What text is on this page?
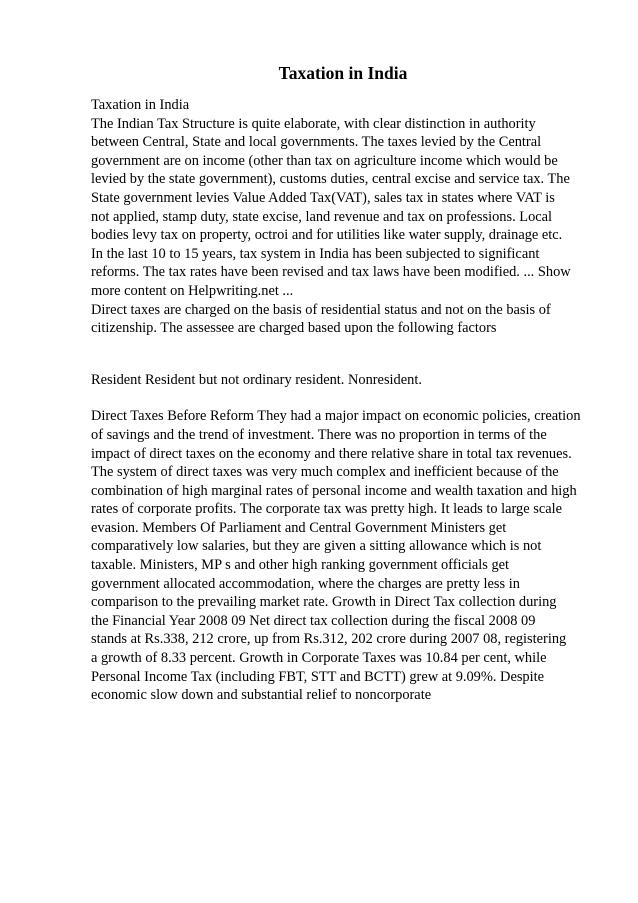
Taxation in India

Taxation in India
The Indian Tax Structure is quite elaborate, with clear distinction in authority
between Central, State and local governments. The taxes levied by the Central
government are on income (other than tax on agriculture income which would be
levied by the state government), customs duties, central excise and service tax. The
State government levies Value Added Tax(VAT), sales tax in states where VAT is
not applied, stamp duty, state excise, land revenue and tax on professions. Local
bodies levy tax on property, octroi and for utilities like water supply, drainage etc.
In the last 10 to 15 years, tax system in India has been subjected to significant
reforms. The tax rates have been revised and tax laws have been modified. ... Show
more content on Helpwriting.net ...
Direct taxes are charged on the basis of residential status and not on the basis of
citizenship. The assessee are charged based upon the following factors

Resident Resident but not ordinary resident. Nonresident.

Direct Taxes Before Reform They had a major impact on economic policies, creation
of savings and the trend of investment. There was no proportion in terms of the
impact of direct taxes on the economy and there relative share in total tax revenues.
The system of direct taxes was very much complex and inefficient because of the
combination of high marginal rates of personal income and wealth taxation and high
rates of corporate profits. The corporate tax was pretty high. It leads to large scale
evasion. Members Of Parliament and Central Government Ministers get
comparatively low salaries, but they are given a sitting allowance which is not
taxable. Ministers, MP s and other high ranking government officials get
government allocated accommodation, where the charges are pretty less in
comparison to the prevailing market rate. Growth in Direct Tax collection during
the Financial Year 2008 09 Net direct tax collection during the fiscal 2008 09
stands at Rs.338, 212 crore, up from Rs.312, 202 crore during 2007 08, registering
a growth of 8.33 percent. Growth in Corporate Taxes was 10.84 per cent, while
Personal Income Tax (including FBT, STT and BCTT) grew at 9.09%. Despite
economic slow down and substantial relief to noncorporate
